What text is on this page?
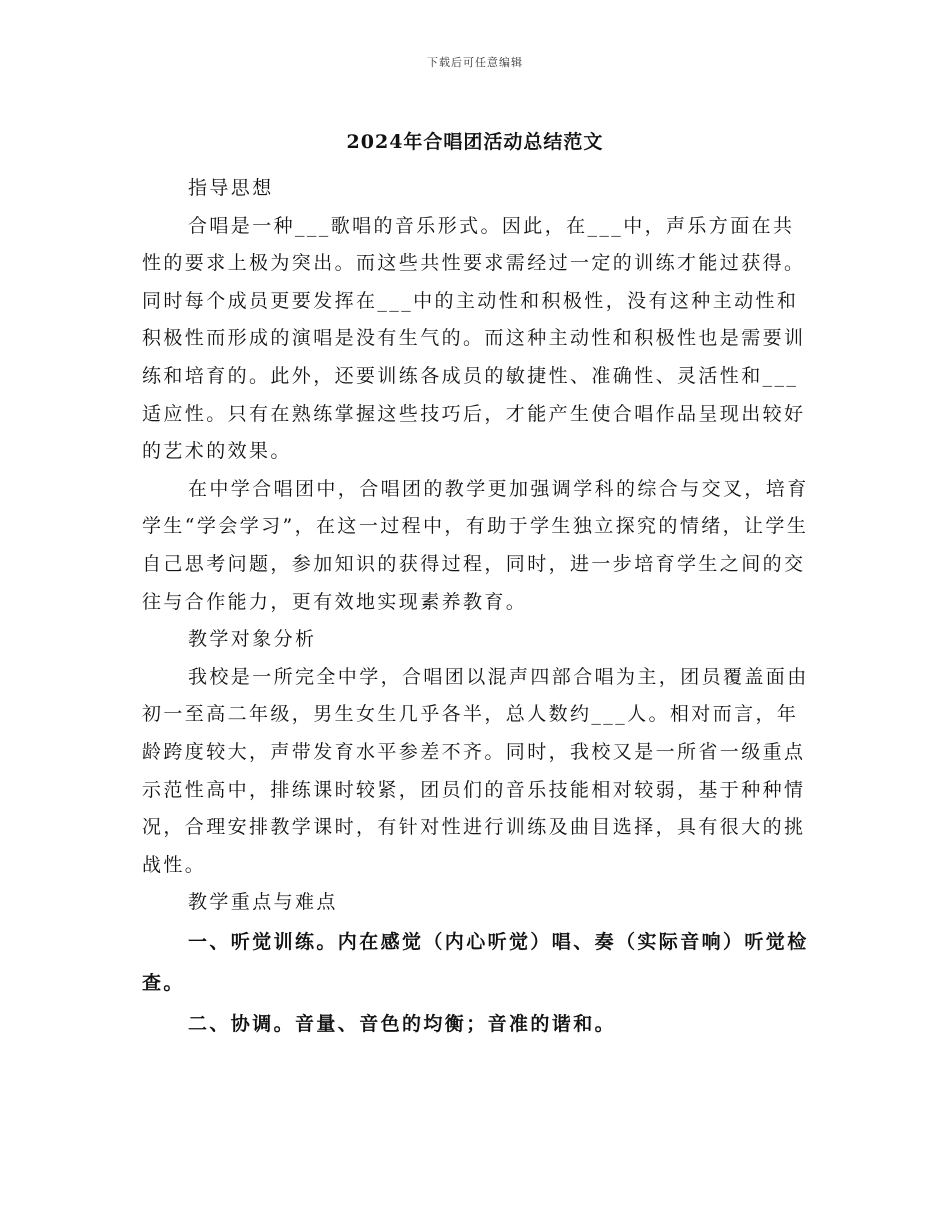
下载后可任意编辑
2024年合唱团活动总结范文

指导思想

合唱是一种___歌唱的音乐形式。因此，在___中，声乐方面在共性的要求上极为突出。而这些共性要求需经过一定的训练才能过获得。同时每个成员更要发挥在___中的主动性和积极性，没有这种主动性和积极性而形成的演唱是没有生气的。而这种主动性和积极性也是需要训练和培育的。此外，还要训练各成员的敏捷性、准确性、灵活性和___适应性。只有在熟练掌握这些技巧后，才能产生使合唱作品呈现出较好的艺术的效果。

在中学合唱团中，合唱团的教学更加强调学科的综合与交叉，培育学生“学会学习”，在这一过程中，有助于学生独立探究的情绪，让学生自己思考问题，参加知识的获得过程，同时，进一步培育学生之间的交往与合作能力，更有效地实现素养教育。

教学对象分析

我校是一所完全中学，合唱团以混声四部合唱为主，团员覆盖面由初一至高二年级，男生女生几乎各半，总人数约___人。相对而言，年龄跨度较大，声带发育水平参差不齐。同时，我校又是一所省一级重点示范性高中，排练课时较紧，团员们的音乐技能相对较弱，基于种种情况，合理安排教学课时，有针对性进行训练及曲目选择，具有很大的挑战性。

教学重点与难点

一、听觉训练。内在感觉（内心听觉）唱、奏（实际音响）听觉检查。

二、协调。音量、音色的均衡；音准的谐和。
